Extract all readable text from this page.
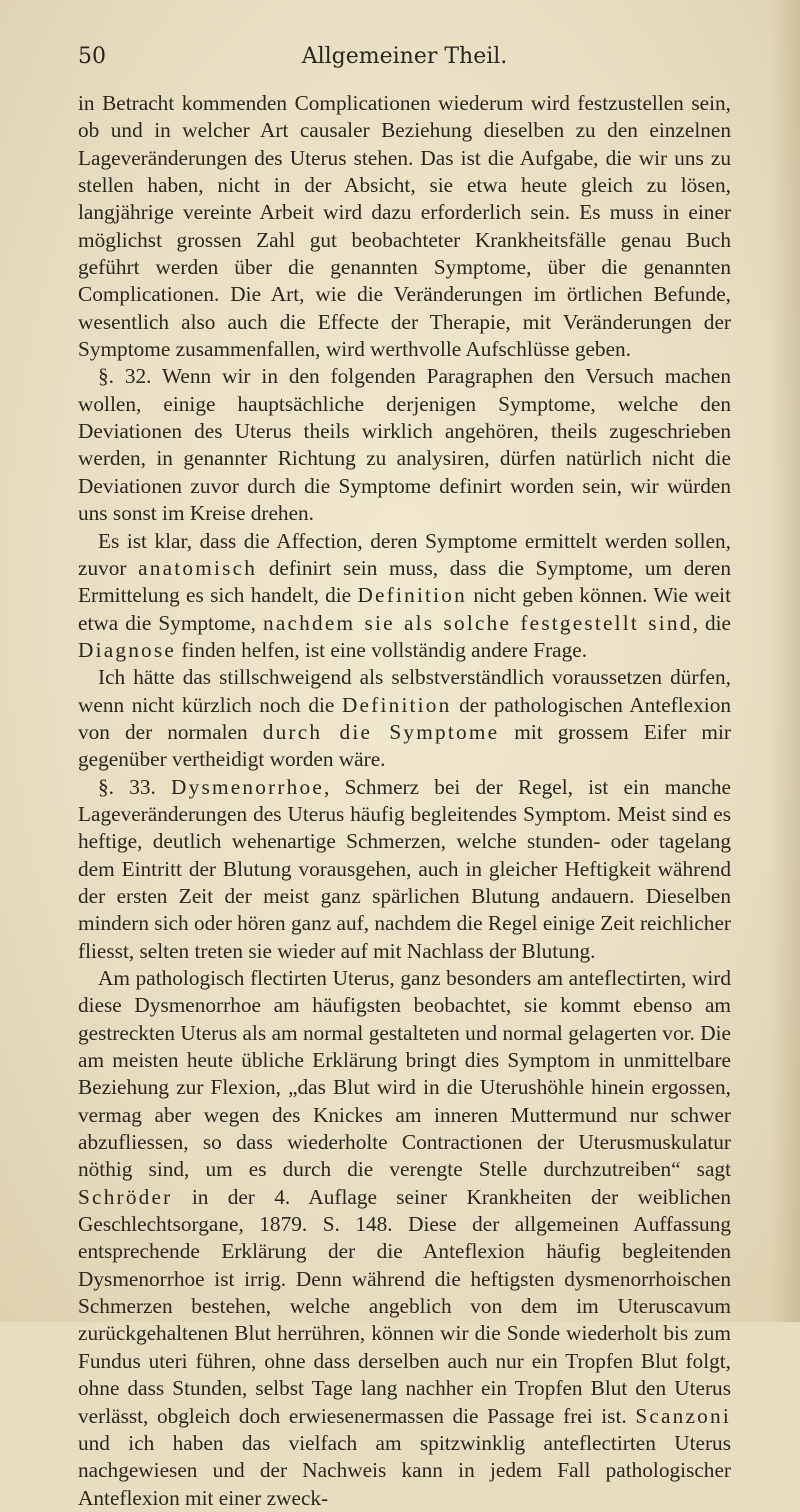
50	Allgemeiner Theil.

in Betracht kommenden Complicationen wiederum wird festzustellen sein, ob und in welcher Art causaler Beziehung dieselben zu den einzelnen Lageveränderungen des Uterus stehen. Das ist die Aufgabe, die wir uns zu stellen haben, nicht in der Absicht, sie etwa heute gleich zu lösen, langjährige vereinte Arbeit wird dazu erforderlich sein. Es muss in einer möglichst grossen Zahl gut beobachteter Krankheitsfälle genau Buch geführt werden über die genannten Symptome, über die genannten Complicationen. Die Art, wie die Veränderungen im örtlichen Befunde, wesentlich also auch die Effecte der Therapie, mit Veränderungen der Symptome zusammenfallen, wird werthvolle Aufschlüsse geben.

§. 32. Wenn wir in den folgenden Paragraphen den Versuch machen wollen, einige hauptsächliche derjenigen Symptome, welche den Deviationen des Uterus theils wirklich angehören, theils zugeschrieben werden, in genannter Richtung zu analysiren, dürfen natürlich nicht die Deviationen zuvor durch die Symptome definirt worden sein, wir würden uns sonst im Kreise drehen.

Es ist klar, dass die Affection, deren Symptome ermittelt werden sollen, zuvor anatomisch definirt sein muss, dass die Symptome, um deren Ermittelung es sich handelt, die Definition nicht geben können. Wie weit etwa die Symptome, nachdem sie als solche festgestellt sind, die Diagnose finden helfen, ist eine vollständig andere Frage.

Ich hätte das stillschweigend als selbstverständlich voraussetzen dürfen, wenn nicht kürzlich noch die Definition der pathologischen Anteflexion von der normalen durch die Symptome mit grossem Eifer mir gegenüber vertheidigt worden wäre.

§. 33. Dysmenorrhoe, Schmerz bei der Regel, ist ein manche Lageveränderungen des Uterus häufig begleitendes Symptom. Meist sind es heftige, deutlich wehenartige Schmerzen, welche stunden- oder tagelang dem Eintritt der Blutung vorausgehen, auch in gleicher Heftigkeit während der ersten Zeit der meist ganz spärlichen Blutung andauern. Dieselben mindern sich oder hören ganz auf, nachdem die Regel einige Zeit reichlicher fliesst, selten treten sie wieder auf mit Nachlass der Blutung.

Am pathologisch flectirten Uterus, ganz besonders am anteflectirten, wird diese Dysmenorrhoe am häufigsten beobachtet, sie kommt ebenso am gestreckten Uterus als am normal gestalteten und normal gelagerten vor. Die am meisten heute übliche Erklärung bringt dies Symptom in unmittelbare Beziehung zur Flexion, „das Blut wird in die Uterushöhle hinein ergossen, vermag aber wegen des Knickes am inneren Muttermund nur schwer abzufliessen, so dass wiederholte Contractionen der Uterusmuskulatur nöthig sind, um es durch die verengte Stelle durchzutreiben“ sagt Schröder in der 4. Auflage seiner Krankheiten der weiblichen Geschlechtsorgane, 1879. S. 148. Diese der allgemeinen Auffassung entsprechende Erklärung der die Anteflexion häufig begleitenden Dysmenorrhoe ist irrig. Denn während die heftigsten dysmenorrhoischen Schmerzen bestehen, welche angeblich von dem im Uteruscavum zurückgehaltenen Blut herrühren, können wir die Sonde wiederholt bis zum Fundus uteri führen, ohne dass derselben auch nur ein Tropfen Blut folgt, ohne dass Stunden, selbst Tage lang nachher ein Tropfen Blut den Uterus verlässt, obgleich doch erwiesenermassen die Passage frei ist. Scanzoni und ich haben das vielfach am spitzwinklig anteflectirten Uterus nachgewiesen und der Nachweis kann in jedem Fall pathologischer Anteflexion mit einer zweck-
